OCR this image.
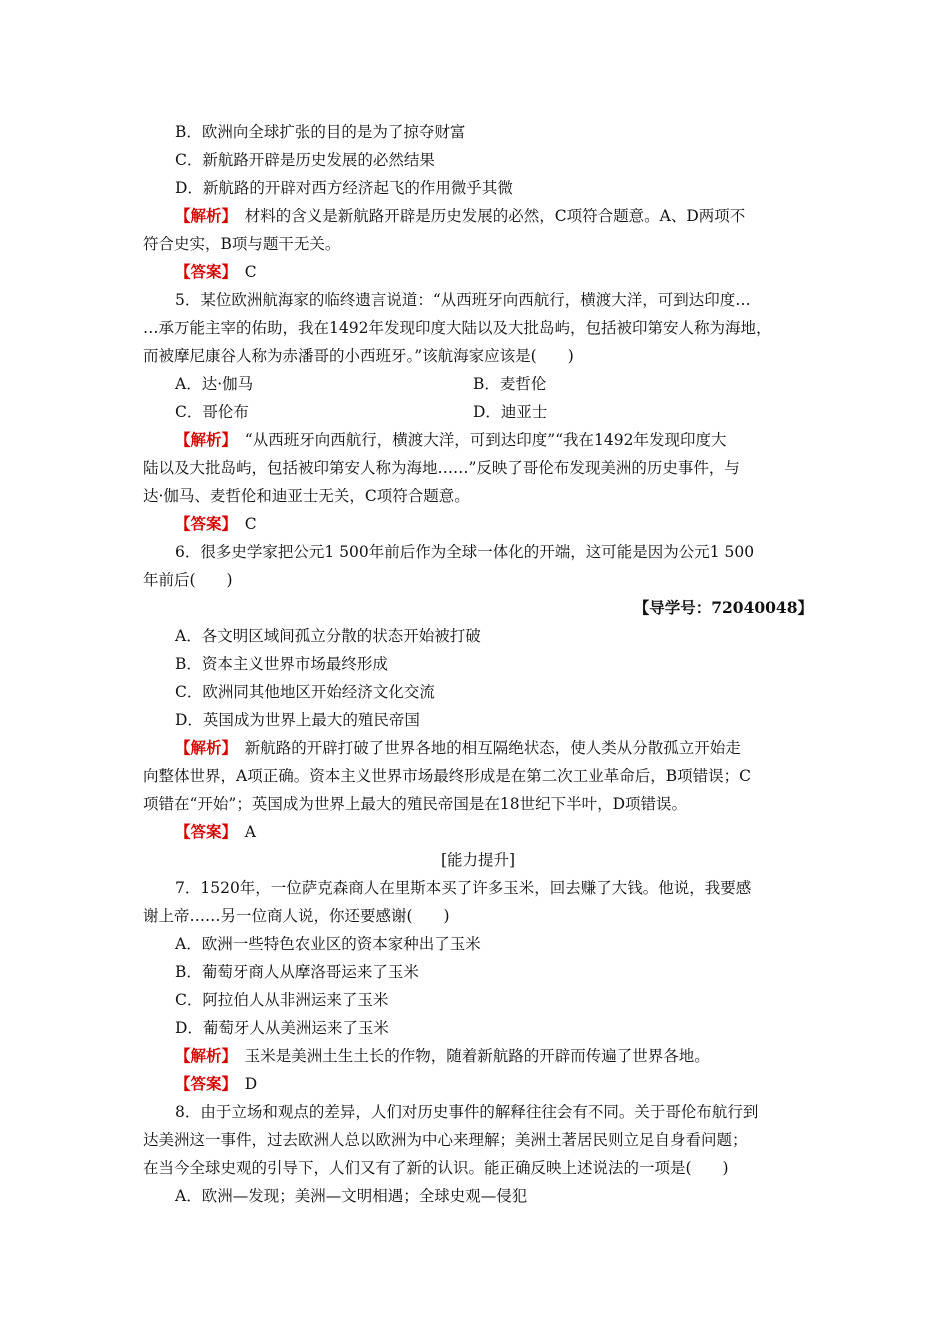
B．欧洲向全球扩张的目的是为了掠夺财富
C．新航路开辟是历史发展的必然结果
D．新航路的开辟对西方经济起飞的作用微乎其微
【解析】　 材料的含义是新航路开辟是历史发展的必然，C项符合题意。A、D两项不
符合史实，B项与题干无关。
【答案】　 C
5．某位欧洲航海家的临终遗言说道：“从西班牙向西航行，横渡大洋，可到达印度…
…承万能主宰的佑助，我在1492年发现印度大陆以及大批岛屿，包括被印第安人称为海地，
而被摩尼康谷人称为赤潘哥的小西班牙。”该航海家应该是(　　)
A．达·伽马	B．麦哲伦
C．哥伦布	D．迪亚士
【解析】　 “从西班牙向西航行，横渡大洋，可到达印度”“我在1492年发现印度大
陆以及大批岛屿，包括被印第安人称为海地……”反映了哥伦布发现美洲的历史事件，与
达·伽马、麦哲伦和迪亚士无关，C项符合题意。
【答案】　 C
6．很多史学家把公元1 500年前后作为全球一体化的开端，这可能是因为公元1 500
年前后(　　)
【导学号：72040048】
A．各文明区域间孤立分散的状态开始被打破
B．资本主义世界市场最终形成
C．欧洲同其他地区开始经济文化交流
D．英国成为世界上最大的殖民帝国
【解析】　 新航路的开辟打破了世界各地的相互隔绝状态，使人类从分散孤立开始走
向整体世界，A项正确。资本主义世界市场最终形成是在第二次工业革命后，B项错误；C
项错在“开始”；英国成为世界上最大的殖民帝国是在18世纪下半叶，D项错误。
【答案】　 A
[能力提升]
7．1520年，一位萨克森商人在里斯本买了许多玉米，回去赚了大钱。他说，我要感
谢上帝……另一位商人说，你还要感谢(　　)
A．欧洲一些特色农业区的资本家种出了玉米
B．葡萄牙商人从摩洛哥运来了玉米
C．阿拉伯人从非洲运来了玉米
D．葡萄牙人从美洲运来了玉米
【解析】　 玉米是美洲土生土长的作物，随着新航路的开辟而传遍了世界各地。
【答案】　 D
8．由于立场和观点的差异，人们对历史事件的解释往往会有不同。关于哥伦布航行到
达美洲这一事件，过去欧洲人总以欧洲为中心来理解；美洲土著居民则立足自身看问题；
在当今全球史观的引导下，人们又有了新的认识。能正确反映上述说法的一项是(　　)
A．欧洲—发现；美洲—文明相遇；全球史观—侵犯
